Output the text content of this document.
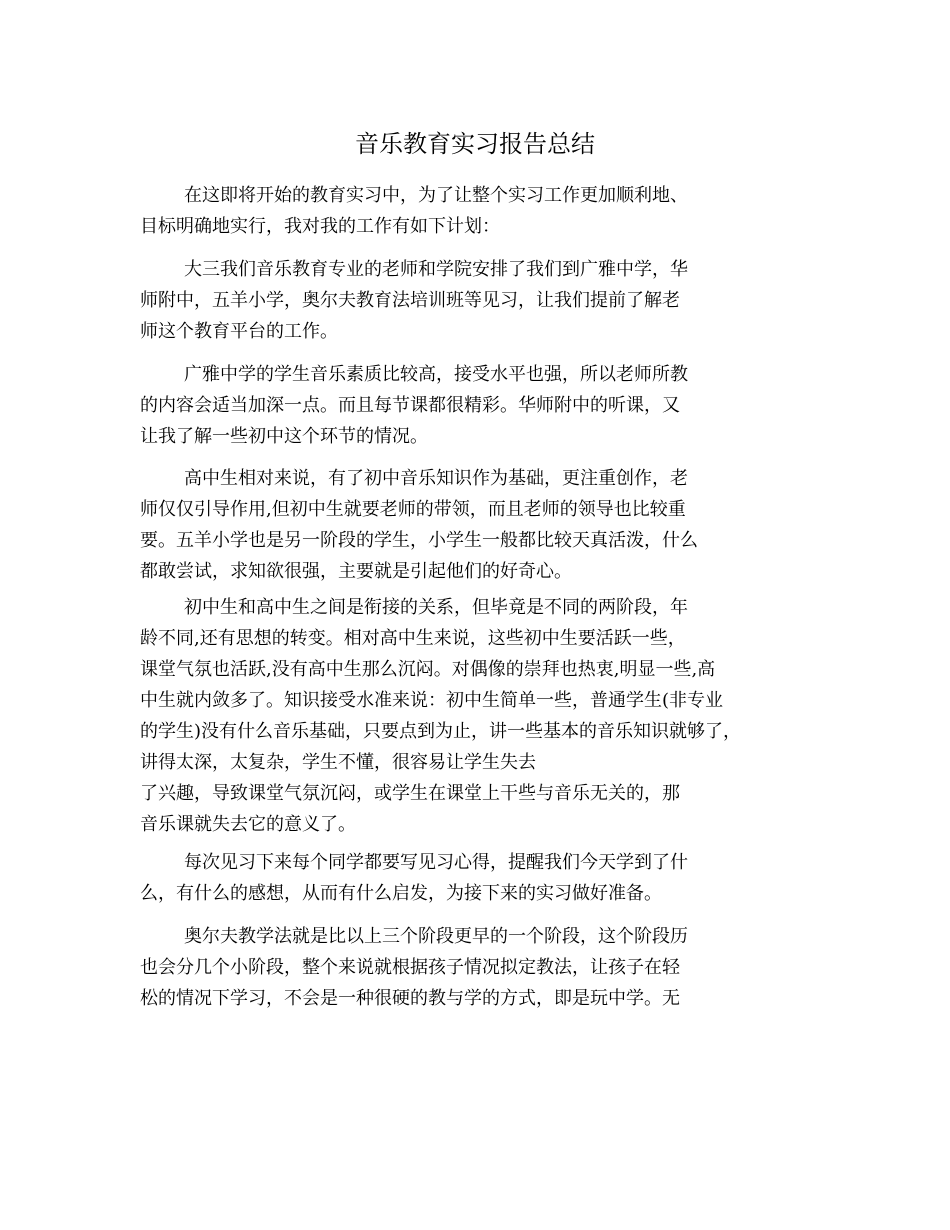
音乐教育实习报告总结

在这即将开始的教育实习中，为了让整个实习工作更加顺利地、
目标明确地实行，我对我的工作有如下计划：

大三我们音乐教育专业的老师和学院安排了我们到广雅中学，华
师附中，五羊小学，奥尔夫教育法培训班等见习，让我们提前了解老
师这个教育平台的工作。

广雅中学的学生音乐素质比较高，接受水平也强，所以老师所教
的内容会适当加深一点。而且每节课都很精彩。华师附中的听课，又
让我了解一些初中这个环节的情况。

高中生相对来说，有了初中音乐知识作为基础，更注重创作，老
师仅仅引导作用,但初中生就要老师的带领，而且老师的领导也比较重
要。五羊小学也是另一阶段的学生，小学生一般都比较天真活泼，什么
都敢尝试，求知欲很强，主要就是引起他们的好奇心。

初中生和高中生之间是衔接的关系，但毕竟是不同的两阶段，年
龄不同,还有思想的转变。相对高中生来说，这些初中生要活跃一些，
课堂气氛也活跃,没有高中生那么沉闷。对偶像的崇拜也热衷,明显一些,高
中生就内敛多了。知识接受水准来说：初中生简单一些，普通学生(非专业
的学生)没有什么音乐基础，只要点到为止，讲一些基本的音乐知识就够了，
讲得太深，太复杂，学生不懂，很容易让学生失去
了兴趣，导致课堂气氛沉闷，或学生在课堂上干些与音乐无关的，那
音乐课就失去它的意义了。

每次见习下来每个同学都要写见习心得，提醒我们今天学到了什
么，有什么的感想，从而有什么启发，为接下来的实习做好准备。

奥尔夫教学法就是比以上三个阶段更早的一个阶段，这个阶段历
也会分几个小阶段，整个来说就根据孩子情况拟定教法，让孩子在轻
松的情况下学习，不会是一种很硬的教与学的方式，即是玩中学。无
